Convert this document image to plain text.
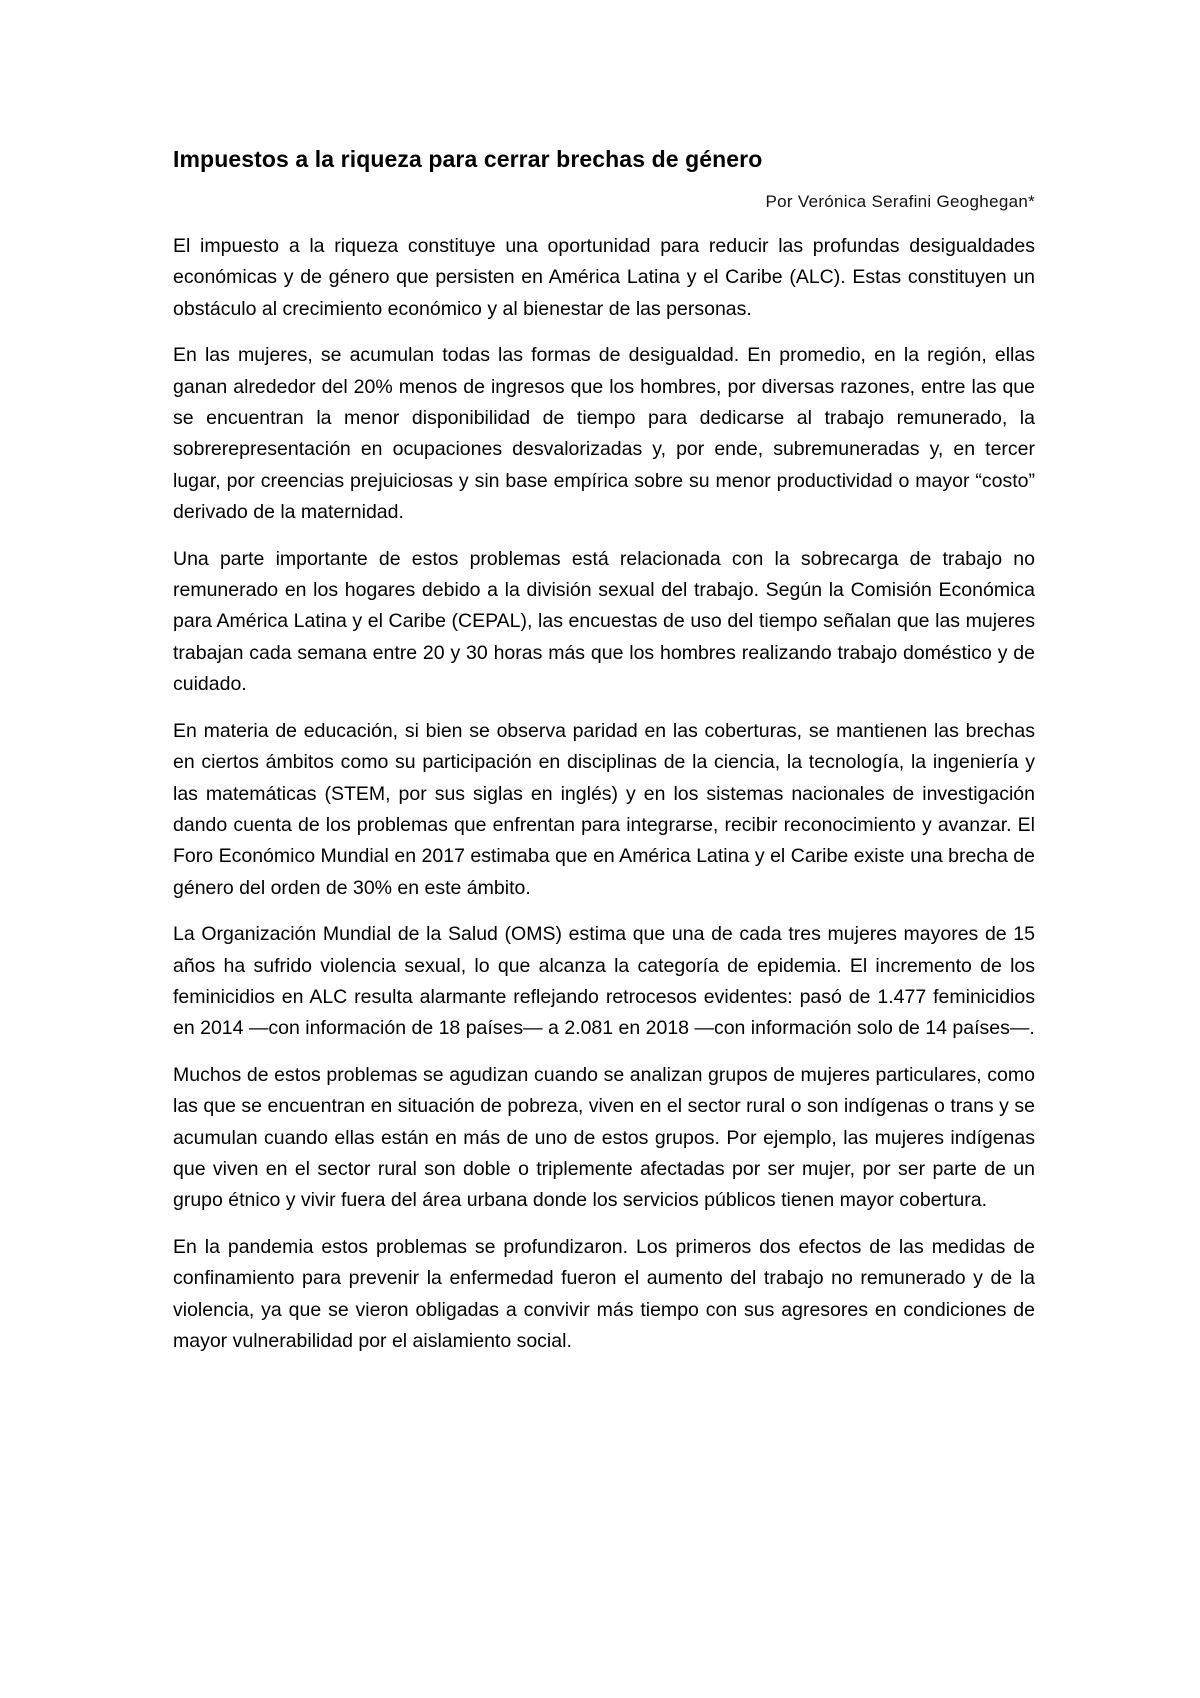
Impuestos a la riqueza para cerrar brechas de género

Por Verónica Serafini Geoghegan*

El impuesto a la riqueza constituye una oportunidad para reducir las profundas desigualdades económicas y de género que persisten en América Latina y el Caribe (ALC). Estas constituyen un obstáculo al crecimiento económico y al bienestar de las personas.

En las mujeres, se acumulan todas las formas de desigualdad. En promedio, en la región, ellas ganan alrededor del 20% menos de ingresos que los hombres, por diversas razones, entre las que se encuentran la menor disponibilidad de tiempo para dedicarse al trabajo remunerado, la sobrerepresentación en ocupaciones desvalorizadas y, por ende, subremuneradas y, en tercer lugar, por creencias prejuiciosas y sin base empírica sobre su menor productividad o mayor “costo” derivado de la maternidad.

Una parte importante de estos problemas está relacionada con la sobrecarga de trabajo no remunerado en los hogares debido a la división sexual del trabajo. Según la Comisión Económica para América Latina y el Caribe (CEPAL), las encuestas de uso del tiempo señalan que las mujeres trabajan cada semana entre 20 y 30 horas más que los hombres realizando trabajo doméstico y de cuidado.

En materia de educación, si bien se observa paridad en las coberturas, se mantienen las brechas en ciertos ámbitos como su participación en disciplinas de la ciencia, la tecnología, la ingeniería y las matemáticas (STEM, por sus siglas en inglés) y en los sistemas nacionales de investigación dando cuenta de los problemas que enfrentan para integrarse, recibir reconocimiento y avanzar. El Foro Económico Mundial en 2017 estimaba que en América Latina y el Caribe existe una brecha de género del orden de 30% en este ámbito.

La Organización Mundial de la Salud (OMS) estima que una de cada tres mujeres mayores de 15 años ha sufrido violencia sexual, lo que alcanza la categoría de epidemia. El incremento de los feminicidios en ALC resulta alarmante reflejando retrocesos evidentes: pasó de 1.477 feminicidios en 2014 —con información de 18 países— a 2.081 en 2018 —con información solo de 14 países—.

Muchos de estos problemas se agudizan cuando se analizan grupos de mujeres particulares, como las que se encuentran en situación de pobreza, viven en el sector rural o son indígenas o trans y se acumulan cuando ellas están en más de uno de estos grupos. Por ejemplo, las mujeres indígenas que viven en el sector rural son doble o triplemente afectadas por ser mujer, por ser parte de un grupo étnico y vivir fuera del área urbana donde los servicios públicos tienen mayor cobertura.

En la pandemia estos problemas se profundizaron. Los primeros dos efectos de las medidas de confinamiento para prevenir la enfermedad fueron el aumento del trabajo no remunerado y de la violencia, ya que se vieron obligadas a convivir más tiempo con sus agresores en condiciones de mayor vulnerabilidad por el aislamiento social.
